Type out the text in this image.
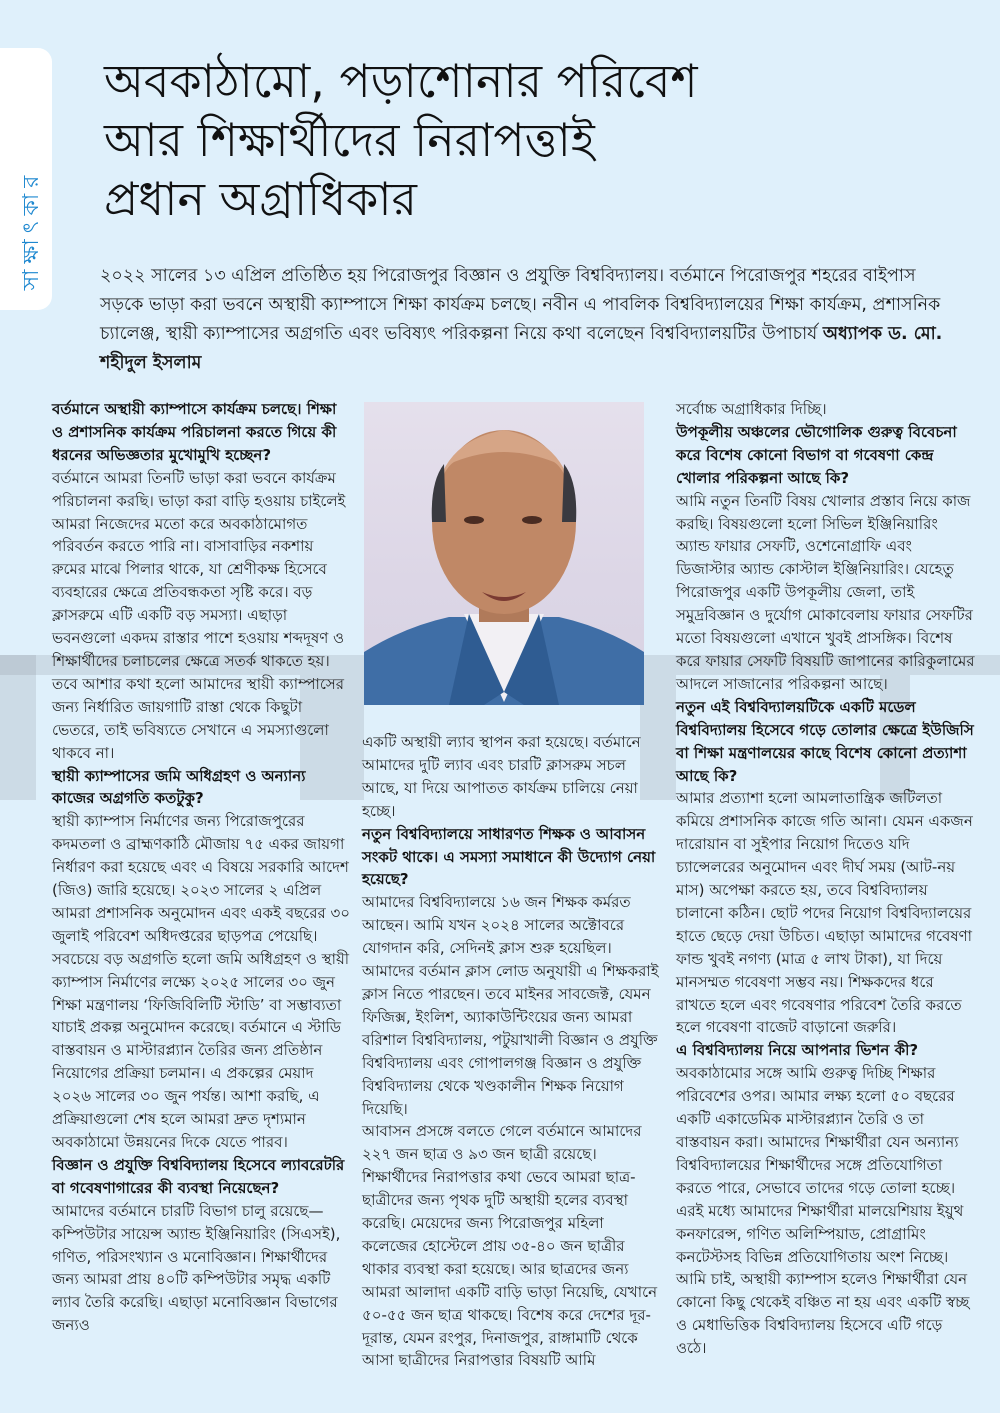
সাক্ষাৎকার
অবকাঠামো, পড়াশোনার পরিবেশ
আর শিক্ষার্থীদের নিরাপত্তাই
প্রধান অগ্রাধিকার

২০২২ সালের ১৩ এপ্রিল প্রতিষ্ঠিত হয় পিরোজপুর বিজ্ঞান ও প্রযুক্তি বিশ্ববিদ্যালয়। বর্তমানে পিরোজপুর শহরের বাইপাস সড়কে ভাড়া করা ভবনে অস্থায়ী ক্যাম্পাসে শিক্ষা কার্যক্রম চলছে। নবীন এ পাবলিক বিশ্ববিদ্যালয়ের শিক্ষা কার্যক্রম, প্রশাসনিক চ্যালেঞ্জ, স্থায়ী ক্যাম্পাসের অগ্রগতি এবং ভবিষ্যৎ পরিকল্পনা নিয়ে কথা বলেছেন বিশ্ববিদ্যালয়টির উপাচার্য অধ্যাপক ড. মো. শহীদুল ইসলাম

বর্তমানে অস্থায়ী ক্যাম্পাসে কার্যক্রম চলছে। শিক্ষা ও প্রশাসনিক কার্যক্রম পরিচালনা করতে গিয়ে কী ধরনের অভিজ্ঞতার মুখোমুখি হচ্ছেন?

বর্তমানে আমরা তিনটি ভাড়া করা ভবনে কার্যক্রম পরিচালনা করছি। ভাড়া করা বাড়ি হওয়ায় চাইলেই আমরা নিজেদের মতো করে অবকাঠামোগত পরিবর্তন করতে পারি না। বাসাবাড়ির নকশায় রুমের মাঝে পিলার থাকে, যা শ্রেণীকক্ষ হিসেবে ব্যবহারের ক্ষেত্রে প্রতিবন্ধকতা সৃষ্টি করে। বড় ক্লাসরুমে এটি একটি বড় সমস্যা। এছাড়া ভবনগুলো একদম রাস্তার পাশে হওয়ায় শব্দদূষণ ও শিক্ষার্থীদের চলাচলের ক্ষেত্রে সতর্ক থাকতে হয়। তবে আশার কথা হলো আমাদের স্থায়ী ক্যাম্পাসের জন্য নির্ধারিত জায়গাটি রাস্তা থেকে কিছুটা ভেতরে, তাই ভবিষ্যতে সেখানে এ সমস্যাগুলো থাকবে না।

স্থায়ী ক্যাম্পাসের জমি অধিগ্রহণ ও অন্যান্য কাজের অগ্রগতি কতটুকু?

স্থায়ী ক্যাম্পাস নির্মাণের জন্য পিরোজপুরের কদমতলা ও ব্রাহ্মণকাঠি মৌজায় ৭৫ একর জায়গা নির্ধারণ করা হয়েছে এবং এ বিষয়ে সরকারি আদেশ (জিও) জারি হয়েছে। ২০২৩ সালের ২ এপ্রিল আমরা প্রশাসনিক অনুমোদন এবং একই বছরের ৩০ জুলাই পরিবেশ অধিদপ্তরের ছাড়পত্র পেয়েছি।

সবচেয়ে বড় অগ্রগতি হলো জমি অধিগ্রহণ ও স্থায়ী ক্যাম্পাস নির্মাণের লক্ষ্যে ২০২৫ সালের ৩০ জুন শিক্ষা মন্ত্রণালয় ‘ফিজিবিলিটি স্টাডি’ বা সম্ভাব্যতা যাচাই প্রকল্প অনুমোদন করেছে। বর্তমানে এ স্টাডি বাস্তবায়ন ও মাস্টারপ্ল্যান তৈরির জন্য প্রতিষ্ঠান নিয়োগের প্রক্রিয়া চলমান। এ প্রকল্পের মেয়াদ ২০২৬ সালের ৩০ জুন পর্যন্ত। আশা করছি, এ প্রক্রিয়াগুলো শেষ হলে আমরা দ্রুত দৃশ্যমান অবকাঠামো উন্নয়নের দিকে যেতে পারব।

বিজ্ঞান ও প্রযুক্তি বিশ্ববিদ্যালয় হিসেবে ল্যাবরেটরি বা গবেষণাগারের কী ব্যবস্থা নিয়েছেন?

আমাদের বর্তমানে চারটি বিভাগ চালু রয়েছে—কম্পিউটার সায়েন্স অ্যান্ড ইঞ্জিনিয়ারিং (সিএসই), গণিত, পরিসংখ্যান ও মনোবিজ্ঞান। শিক্ষার্থীদের জন্য আমরা প্রায় ৪০টি কম্পিউটার সমৃদ্ধ একটি ল্যাব তৈরি করেছি। এছাড়া মনোবিজ্ঞান বিভাগের জন্যও

একটি অস্থায়ী ল্যাব স্থাপন করা হয়েছে। বর্তমানে আমাদের দুটি ল্যাব এবং চারটি ক্লাসরুম সচল আছে, যা দিয়ে আপাতত কার্যক্রম চালিয়ে নেয়া হচ্ছে।

নতুন বিশ্ববিদ্যালয়ে সাধারণত শিক্ষক ও আবাসন সংকট থাকে। এ সমস্যা সমাধানে কী উদ্যোগ নেয়া হয়েছে?

আমাদের বিশ্ববিদ্যালয়ে ১৬ জন শিক্ষক কর্মরত আছেন। আমি যখন ২০২৪ সালের অক্টোবরে যোগদান করি, সেদিনই ক্লাস শুরু হয়েছিল। আমাদের বর্তমান ক্লাস লোড অনুযায়ী এ শিক্ষকরাই ক্লাস নিতে পারছেন। তবে মাইনর সাবজেক্ট, যেমন ফিজিক্স, ইংলিশ, অ্যাকাউন্টিংয়ের জন্য আমরা বরিশাল বিশ্ববিদ্যালয়, পটুয়াখালী বিজ্ঞান ও প্রযুক্তি বিশ্ববিদ্যালয় এবং গোপালগঞ্জ বিজ্ঞান ও প্রযুক্তি বিশ্ববিদ্যালয় থেকে খণ্ডকালীন শিক্ষক নিয়োগ দিয়েছি।

আবাসন প্রসঙ্গে বলতে গেলে বর্তমানে আমাদের ২২৭ জন ছাত্র ও ৯৩ জন ছাত্রী রয়েছে। শিক্ষার্থীদের নিরাপত্তার কথা ভেবে আমরা ছাত্র-ছাত্রীদের জন্য পৃথক দুটি অস্থায়ী হলের ব্যবস্থা করেছি। মেয়েদের জন্য পিরোজপুর মহিলা কলেজের হোস্টেলে প্রায় ৩৫-৪০ জন ছাত্রীর থাকার ব্যবস্থা করা হয়েছে। আর ছাত্রদের জন্য আমরা আলাদা একটি বাড়ি ভাড়া নিয়েছি, যেখানে ৫০-৫৫ জন ছাত্র থাকছে। বিশেষ করে দেশের দূর-দূরান্ত, যেমন রংপুর, দিনাজপুর, রাঙ্গামাটি থেকে আসা ছাত্রীদের নিরাপত্তার বিষয়টি আমি

সর্বোচ্চ অগ্রাধিকার দিচ্ছি।

উপকূলীয় অঞ্চলের ভৌগোলিক গুরুত্ব বিবেচনা করে বিশেষ কোনো বিভাগ বা গবেষণা কেন্দ্র খোলার পরিকল্পনা আছে কি?

আমি নতুন তিনটি বিষয় খোলার প্রস্তাব নিয়ে কাজ করছি। বিষয়গুলো হলো সিভিল ইঞ্জিনিয়ারিং অ্যান্ড ফায়ার সেফটি, ওশেনোগ্রাফি এবং ডিজাস্টার অ্যান্ড কোস্টাল ইঞ্জিনিয়ারিং। যেহেতু পিরোজপুর একটি উপকূলীয় জেলা, তাই সমুদ্রবিজ্ঞান ও দুর্যোগ মোকাবেলায় ফায়ার সেফটির মতো বিষয়গুলো এখানে খুবই প্রাসঙ্গিক। বিশেষ করে ফায়ার সেফটি বিষয়টি জাপানের কারিকুলামের আদলে সাজানোর পরিকল্পনা আছে।

নতুন এই বিশ্ববিদ্যালয়টিকে একটি মডেল বিশ্ববিদ্যালয় হিসেবে গড়ে তোলার ক্ষেত্রে ইউজিসি বা শিক্ষা মন্ত্রণালয়ের কাছে বিশেষ কোনো প্রত্যাশা আছে কি?

আমার প্রত্যাশা হলো আমলাতান্ত্রিক জটিলতা কমিয়ে প্রশাসনিক কাজে গতি আনা। যেমন একজন দারোয়ান বা সুইপার নিয়োগ দিতেও যদি চ্যান্সেলরের অনুমোদন এবং দীর্ঘ সময় (আট-নয় মাস) অপেক্ষা করতে হয়, তবে বিশ্ববিদ্যালয় চালানো কঠিন। ছোট পদের নিয়োগ বিশ্ববিদ্যালয়ের হাতে ছেড়ে দেয়া উচিত। এছাড়া আমাদের গবেষণা ফান্ড খুবই নগণ্য (মাত্র ৫ লাখ টাকা), যা দিয়ে মানসম্মত গবেষণা সম্ভব নয়। শিক্ষকদের ধরে রাখতে হলে এবং গবেষণার পরিবেশ তৈরি করতে হলে গবেষণা বাজেট বাড়ানো জরুরি।

এ বিশ্ববিদ্যালয় নিয়ে আপনার ভিশন কী?

অবকাঠামোর সঙ্গে আমি গুরুত্ব দিচ্ছি শিক্ষার পরিবেশের ওপর। আমার লক্ষ্য হলো ৫০ বছরের একটি একাডেমিক মাস্টারপ্ল্যান তৈরি ও তা বাস্তবায়ন করা। আমাদের শিক্ষার্থীরা যেন অন্যান্য বিশ্ববিদ্যালয়ের শিক্ষার্থীদের সঙ্গে প্রতিযোগিতা করতে পারে, সেভাবে তাদের গড়ে তোলা হচ্ছে। এরই মধ্যে আমাদের শিক্ষার্থীরা মালয়েশিয়ায় ইয়ুথ কনফারেন্স, গণিত অলিম্পিয়াড, প্রোগ্রামিং কনটেস্টসহ বিভিন্ন প্রতিযোগিতায় অংশ নিচ্ছে। আমি চাই, অস্থায়ী ক্যাম্পাস হলেও শিক্ষার্থীরা যেন কোনো কিছু থেকেই বঞ্চিত না হয় এবং একটি স্বচ্ছ ও মেধাভিত্তিক বিশ্ববিদ্যালয় হিসেবে এটি গড়ে ওঠে।
